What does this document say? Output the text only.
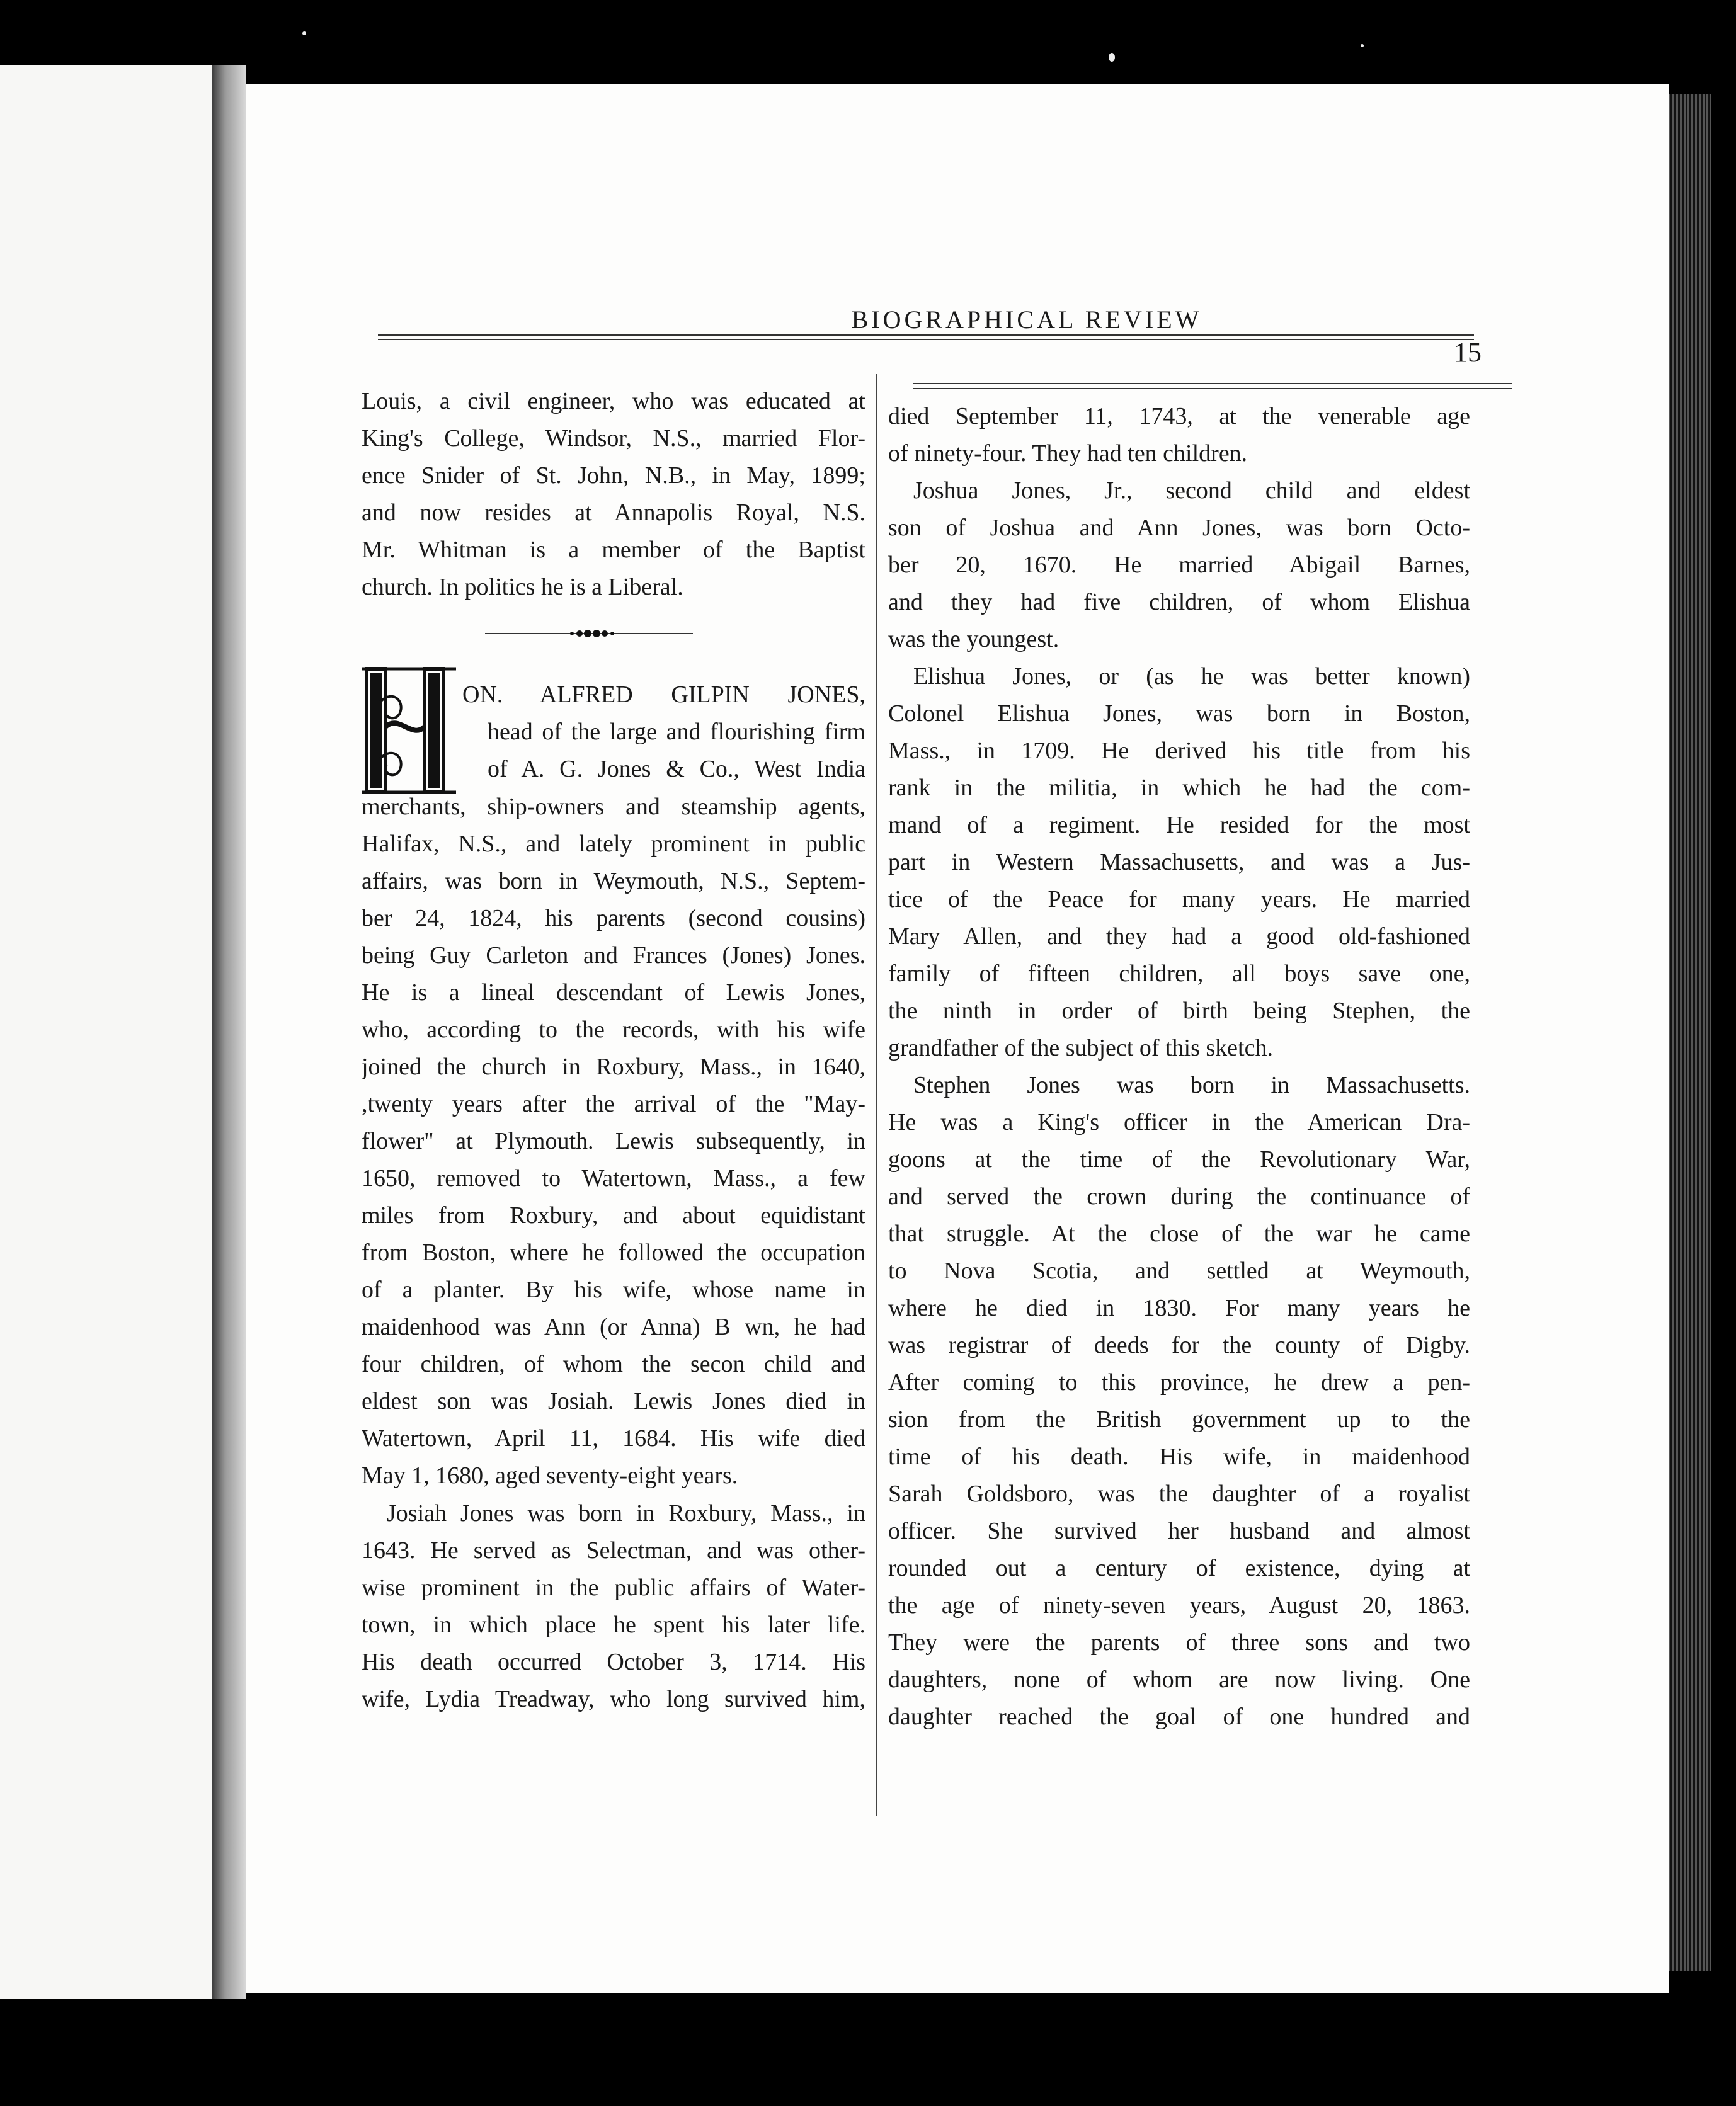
BIOGRAPHICAL REVIEW
15
Louis, a civil engineer, who was educated at
King's College, Windsor, N.S., married Flor-
ence Snider of St. John, N.B., in May, 1899;
and now resides at Annapolis Royal, N.S.
Mr. Whitman is a member of the Baptist
church. In politics he is a Liberal.
ON. ALFRED GILPIN JONES,
head of the large and flourishing firm
of A. G. Jones & Co., West India
merchants, ship-owners and steamship agents,
Halifax, N.S., and lately prominent in public
affairs, was born in Weymouth, N.S., Septem-
ber 24, 1824, his parents (second cousins)
being Guy Carleton and Frances (Jones) Jones.
He is a lineal descendant of Lewis Jones,
who, according to the records, with his wife
joined the church in Roxbury, Mass., in 1640,
,twenty years after the arrival of the "May-
flower" at Plymouth. Lewis subsequently, in
1650, removed to Watertown, Mass., a few
miles from Roxbury, and about equidistant
from Boston, where he followed the occupation
of a planter. By his wife, whose name in
maidenhood was Ann (or Anna) B wn, he had
four children, of whom the secon child and
eldest son was Josiah. Lewis Jones died in
Watertown, April 11, 1684. His wife died
May 1, 1680, aged seventy-eight years.
Josiah Jones was born in Roxbury, Mass., in
1643. He served as Selectman, and was other-
wise prominent in the public affairs of Water-
town, in which place he spent his later life.
His death occurred October 3, 1714. His
wife, Lydia Treadway, who long survived him,
died September 11, 1743, at the venerable age
of ninety-four. They had ten children.
Joshua Jones, Jr., second child and eldest
son of Joshua and Ann Jones, was born Octo-
ber 20, 1670. He married Abigail Barnes,
and they had five children, of whom Elishua
was the youngest.
Elishua Jones, or (as he was better known)
Colonel Elishua Jones, was born in Boston,
Mass., in 1709. He derived his title from his
rank in the militia, in which he had the com-
mand of a regiment. He resided for the most
part in Western Massachusetts, and was a Jus-
tice of the Peace for many years. He married
Mary Allen, and they had a good old-fashioned
family of fifteen children, all boys save one,
the ninth in order of birth being Stephen, the
grandfather of the subject of this sketch.
Stephen Jones was born in Massachusetts.
He was a King's officer in the American Dra-
goons at the time of the Revolutionary War,
and served the crown during the continuance of
that struggle. At the close of the war he came
to Nova Scotia, and settled at Weymouth,
where he died in 1830. For many years he
was registrar of deeds for the county of Digby.
After coming to this province, he drew a pen-
sion from the British government up to the
time of his death. His wife, in maidenhood
Sarah Goldsboro, was the daughter of a royalist
officer. She survived her husband and almost
rounded out a century of existence, dying at
the age of ninety-seven years, August 20, 1863.
They were the parents of three sons and two
daughters, none of whom are now living. One
daughter reached the goal of one hundred and
